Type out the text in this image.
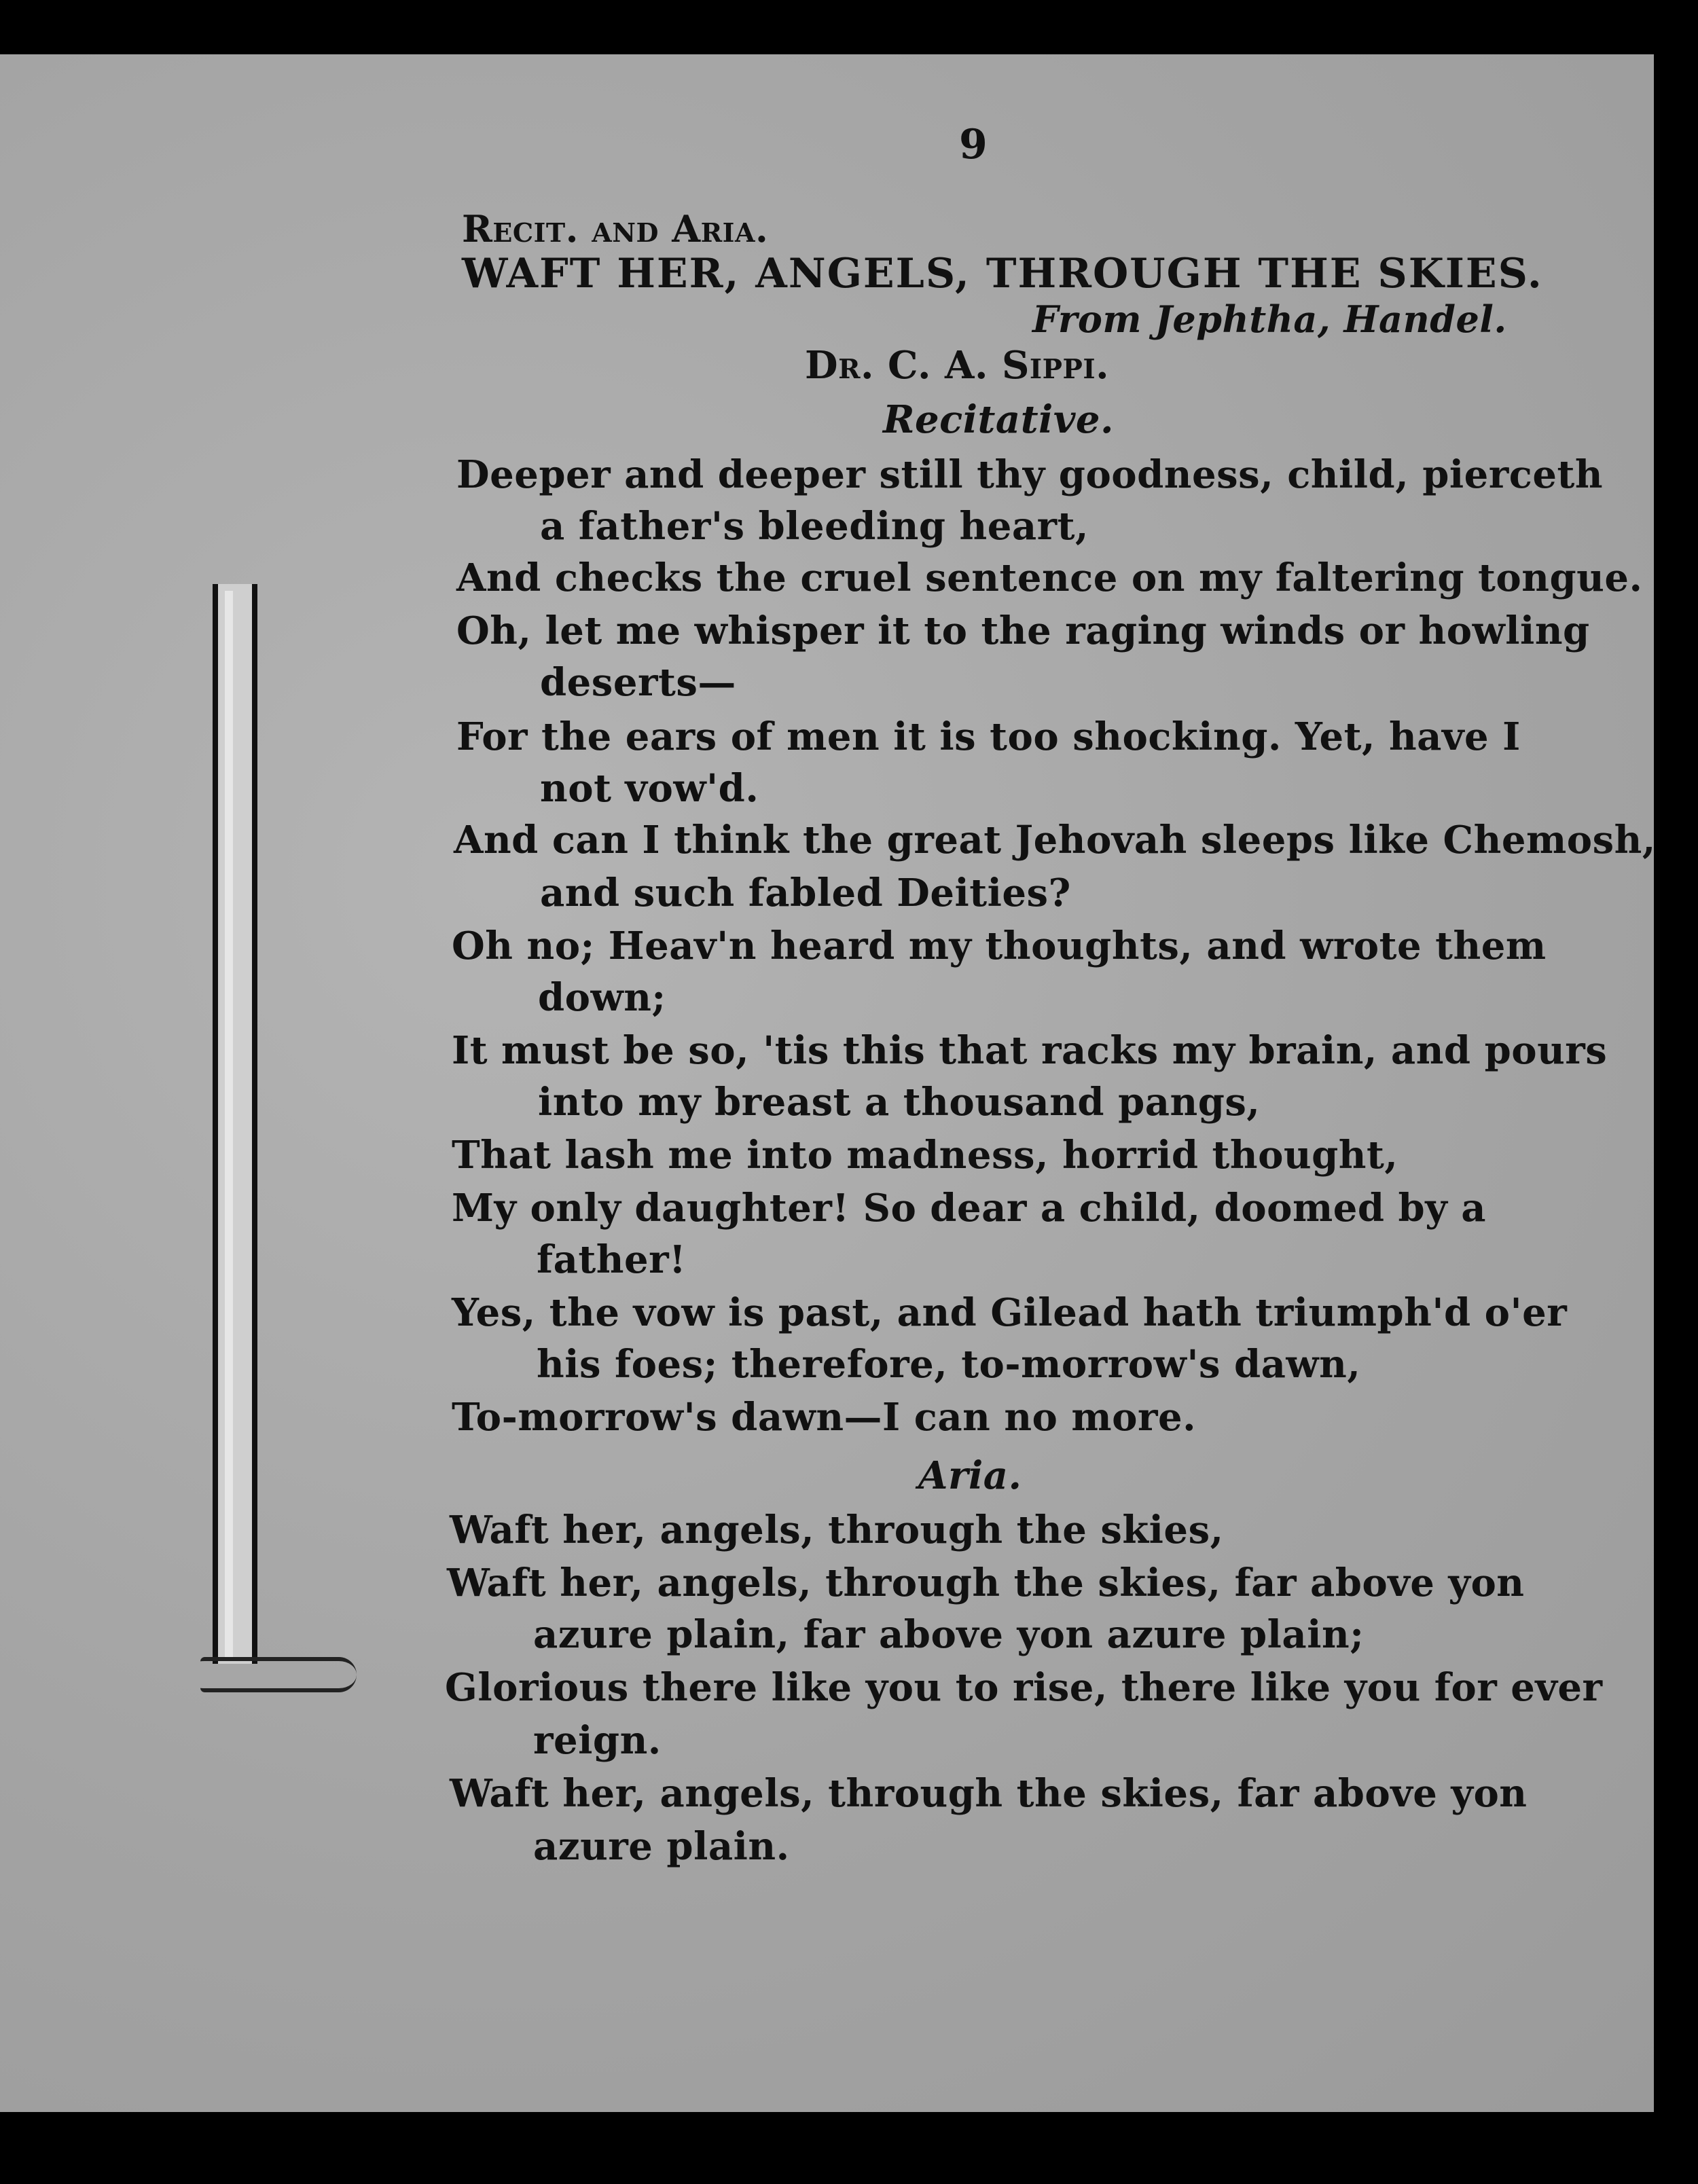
9
Recit. and Aria.
WAFT HER, ANGELS, THROUGH THE SKIES.
From Jephtha, Handel.
Dr. C. A. Sippi.
Recitative.
Deeper and deeper still thy goodness, child, pierceth
a father's bleeding heart,
And checks the cruel sentence on my faltering tongue.
Oh, let me whisper it to the raging winds or howling
deserts—
For the ears of men it is too shocking. Yet, have I
not vow'd.
And can I think the great Jehovah sleeps like Chemosh,
and such fabled Deities?
Oh no; Heav'n heard my thoughts, and wrote them
down;
It must be so, 'tis this that racks my brain, and pours
into my breast a thousand pangs,
That lash me into madness, horrid thought,
My only daughter! So dear a child, doomed by a
father!
Yes, the vow is past, and Gilead hath triumph'd o'er
his foes; therefore, to-morrow's dawn,
To-morrow's dawn—I can no more.
Aria.
Waft her, angels, through the skies,
Waft her, angels, through the skies, far above yon
azure plain, far above yon azure plain;
Glorious there like you to rise, there like you for ever
reign.
Waft her, angels, through the skies, far above yon
azure plain.
